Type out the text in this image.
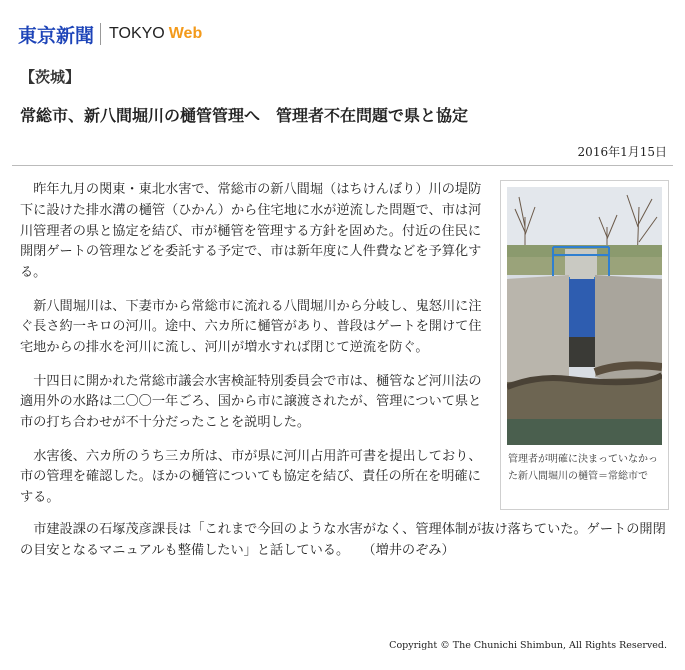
東京新聞 TOKYO Web
【茨城】
常総市、新八間堀川の樋管管理へ　管理者不在問題で県と協定
2016年1月15日

昨年九月の関東・東北水害で、常総市の新八間堀（はちけんぼり）川の堤防下に設けた排水溝の樋管（ひかん）から住宅地に水が逆流した問題で、市は河川管理者の県と協定を結び、市が樋管を管理する方針を固めた。付近の住民に開閉ゲートの管理などを委託する予定で、市は新年度に人件費などを予算化する。

新八間堀川は、下妻市から常総市に流れる八間堀川から分岐し、鬼怒川に注ぐ長さ約一キロの河川。途中、六カ所に樋管があり、普段はゲートを開けて住宅地からの排水を河川に流し、河川が増水すれば閉じて逆流を防ぐ。

十四日に開かれた常総市議会水害検証特別委員会で市は、樋管など河川法の適用外の水路は二〇〇一年ごろ、国から市に譲渡されたが、管理について県と市の打ち合わせが不十分だったことを説明した。

水害後、六カ所のうち三カ所は、市が県に河川占用許可書を提出しており、市の管理を確認した。ほかの樋管についても協定を結び、責任の所在を明確にする。

管理者が明確に決まっていなかった新八間堀川の樋管＝常総市で

市建設課の石塚茂彦課長は「これまで今回のような水害がなく、管理体制が抜け落ちていた。ゲートの開閉の目安となるマニュアルも整備したい」と話している。　　（増井のぞみ）

Copyright © The Chunichi Shimbun, All Rights Reserved.
